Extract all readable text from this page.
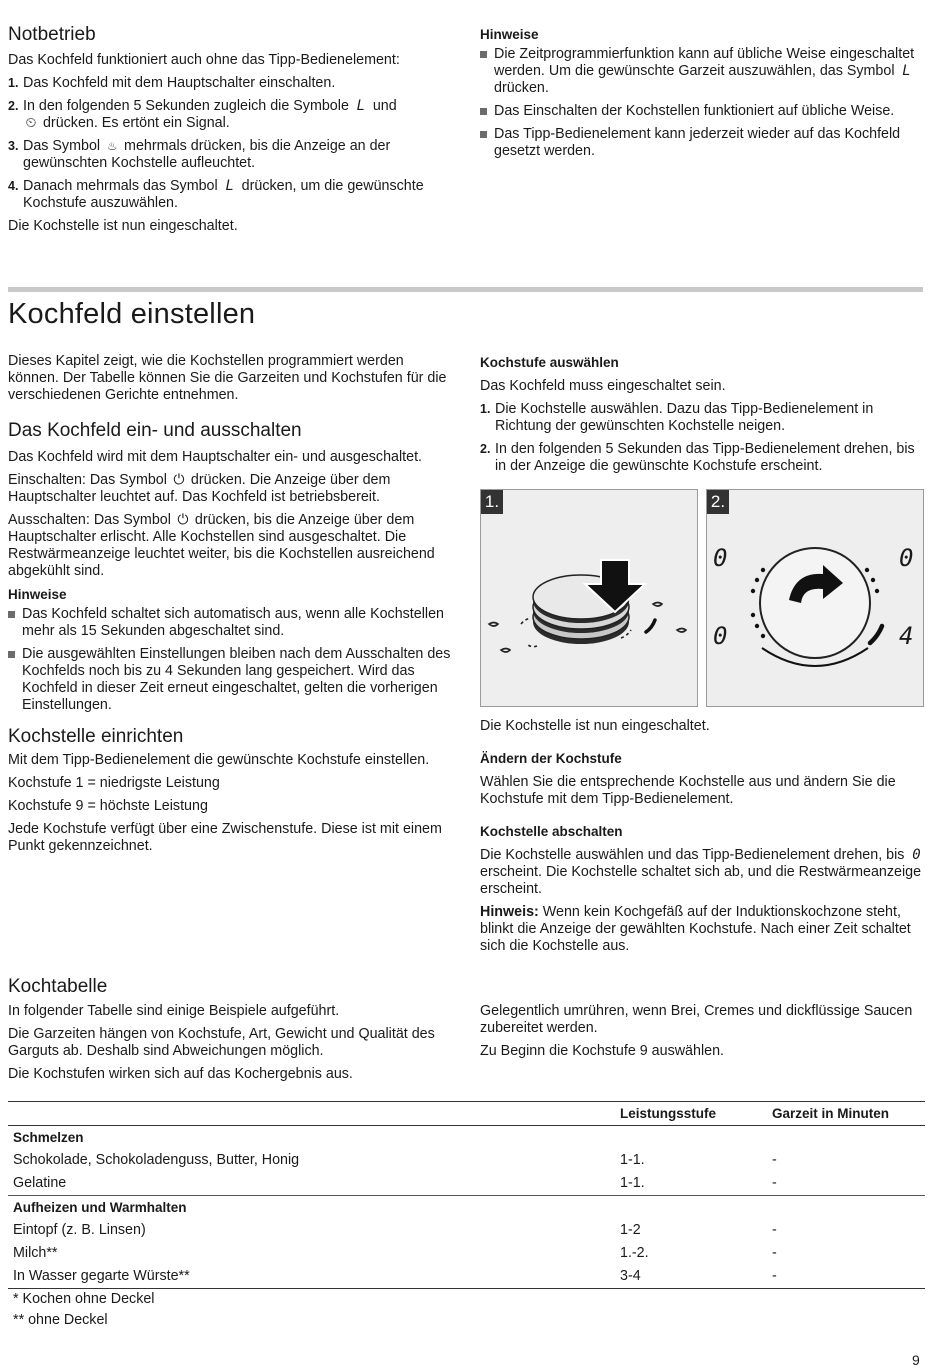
Notbetrieb

Das Kochfeld funktioniert auch ohne das Tipp-Bedienelement:

1. Das Kochfeld mit dem Hauptschalter einschalten.
2. In den folgenden 5 Sekunden zugleich die Symbole L und
⏲ drücken. Es ertönt ein Signal.
3. Das Symbol ♨ mehrmals drücken, bis die Anzeige an der gewünschten Kochstelle aufleuchtet.
4. Danach mehrmals das Symbol L drücken, um die gewünschte Kochstufe auszuwählen.

Die Kochstelle ist nun eingeschaltet.

Hinweise
Die Zeitprogrammierfunktion kann auf übliche Weise eingeschaltet werden. Um die gewünschte Garzeit auszuwählen, das Symbol L drücken.
Das Einschalten der Kochstellen funktioniert auf übliche Weise.
Das Tipp-Bedienelement kann jederzeit wieder auf das Kochfeld gesetzt werden.
Kochfeld einstellen

Dieses Kapitel zeigt, wie die Kochstellen programmiert werden können. Der Tabelle können Sie die Garzeiten und Kochstufen für die verschiedenen Gerichte entnehmen.

Das Kochfeld ein- und ausschalten

Das Kochfeld wird mit dem Hauptschalter ein- und ausgeschaltet.

Einschalten: Das Symbol ⏻ drücken. Die Anzeige über dem Hauptschalter leuchtet auf. Das Kochfeld ist betriebsbereit.

Ausschalten: Das Symbol ⏻ drücken, bis die Anzeige über dem Hauptschalter erlischt. Alle Kochstellen sind ausgeschaltet. Die Restwärmeanzeige leuchtet weiter, bis die Kochstellen ausreichend abgekühlt sind.

Hinweise
Das Kochfeld schaltet sich automatisch aus, wenn alle Kochstellen mehr als 15 Sekunden abgeschaltet sind.
Die ausgewählten Einstellungen bleiben nach dem Ausschalten des Kochfelds noch bis zu 4 Sekunden lang gespeichert. Wird das Kochfeld in dieser Zeit erneut eingeschaltet, gelten die vorherigen Einstellungen.
Kochstelle einrichten

Mit dem Tipp-Bedienelement die gewünschte Kochstufe einstellen.

Kochstufe 1 = niedrigste Leistung

Kochstufe 9 = höchste Leistung

Jede Kochstufe verfügt über eine Zwischenstufe. Diese ist mit einem Punkt gekennzeichnet.

Kochstufe auswählen

Das Kochfeld muss eingeschaltet sein.

1. Die Kochstelle auswählen. Dazu das Tipp-Bedienelement in Richtung der gewünschten Kochstelle neigen.
2. In den folgenden 5 Sekunden das Tipp-Bedienelement drehen, bis in der Anzeige die gewünschte Kochstufe erscheint.
1.	2.
0	0
0	4

Die Kochstelle ist nun eingeschaltet.

Ändern der Kochstufe

Wählen Sie die entsprechende Kochstelle aus und ändern Sie die Kochstufe mit dem Tipp-Bedienelement.

Kochstelle abschalten

Die Kochstelle auswählen und das Tipp-Bedienelement drehen, bis 0 erscheint. Die Kochstelle schaltet sich ab, und die Restwärmeanzeige erscheint.

Hinweis: Wenn kein Kochgefäß auf der Induktionskochzone steht, blinkt die Anzeige der gewählten Kochstufe. Nach einer Zeit schaltet sich die Kochstelle aus.

Kochtabelle

In folgender Tabelle sind einige Beispiele aufgeführt.

Die Garzeiten hängen von Kochstufe, Art, Gewicht und Qualität des Garguts ab. Deshalb sind Abweichungen möglich.

Die Kochstufen wirken sich auf das Kochergebnis aus.

Gelegentlich umrühren, wenn Brei, Cremes und dickflüssige Saucen zubereitet werden.

Zu Beginn die Kochstufe 9 auswählen.

	Leistungsstufe	Garzeit in Minuten
Schmelzen		
Schokolade, Schokoladenguss, Butter, Honig	1-1.	-
Gelatine	1-1.	-
Aufheizen und Warmhalten		
Eintopf (z. B. Linsen)	1-2	-
Milch**	1.-2.	-
In Wasser gegarte Würste**	3-4	-
* Kochen ohne Deckel		
** ohne Deckel		
9
